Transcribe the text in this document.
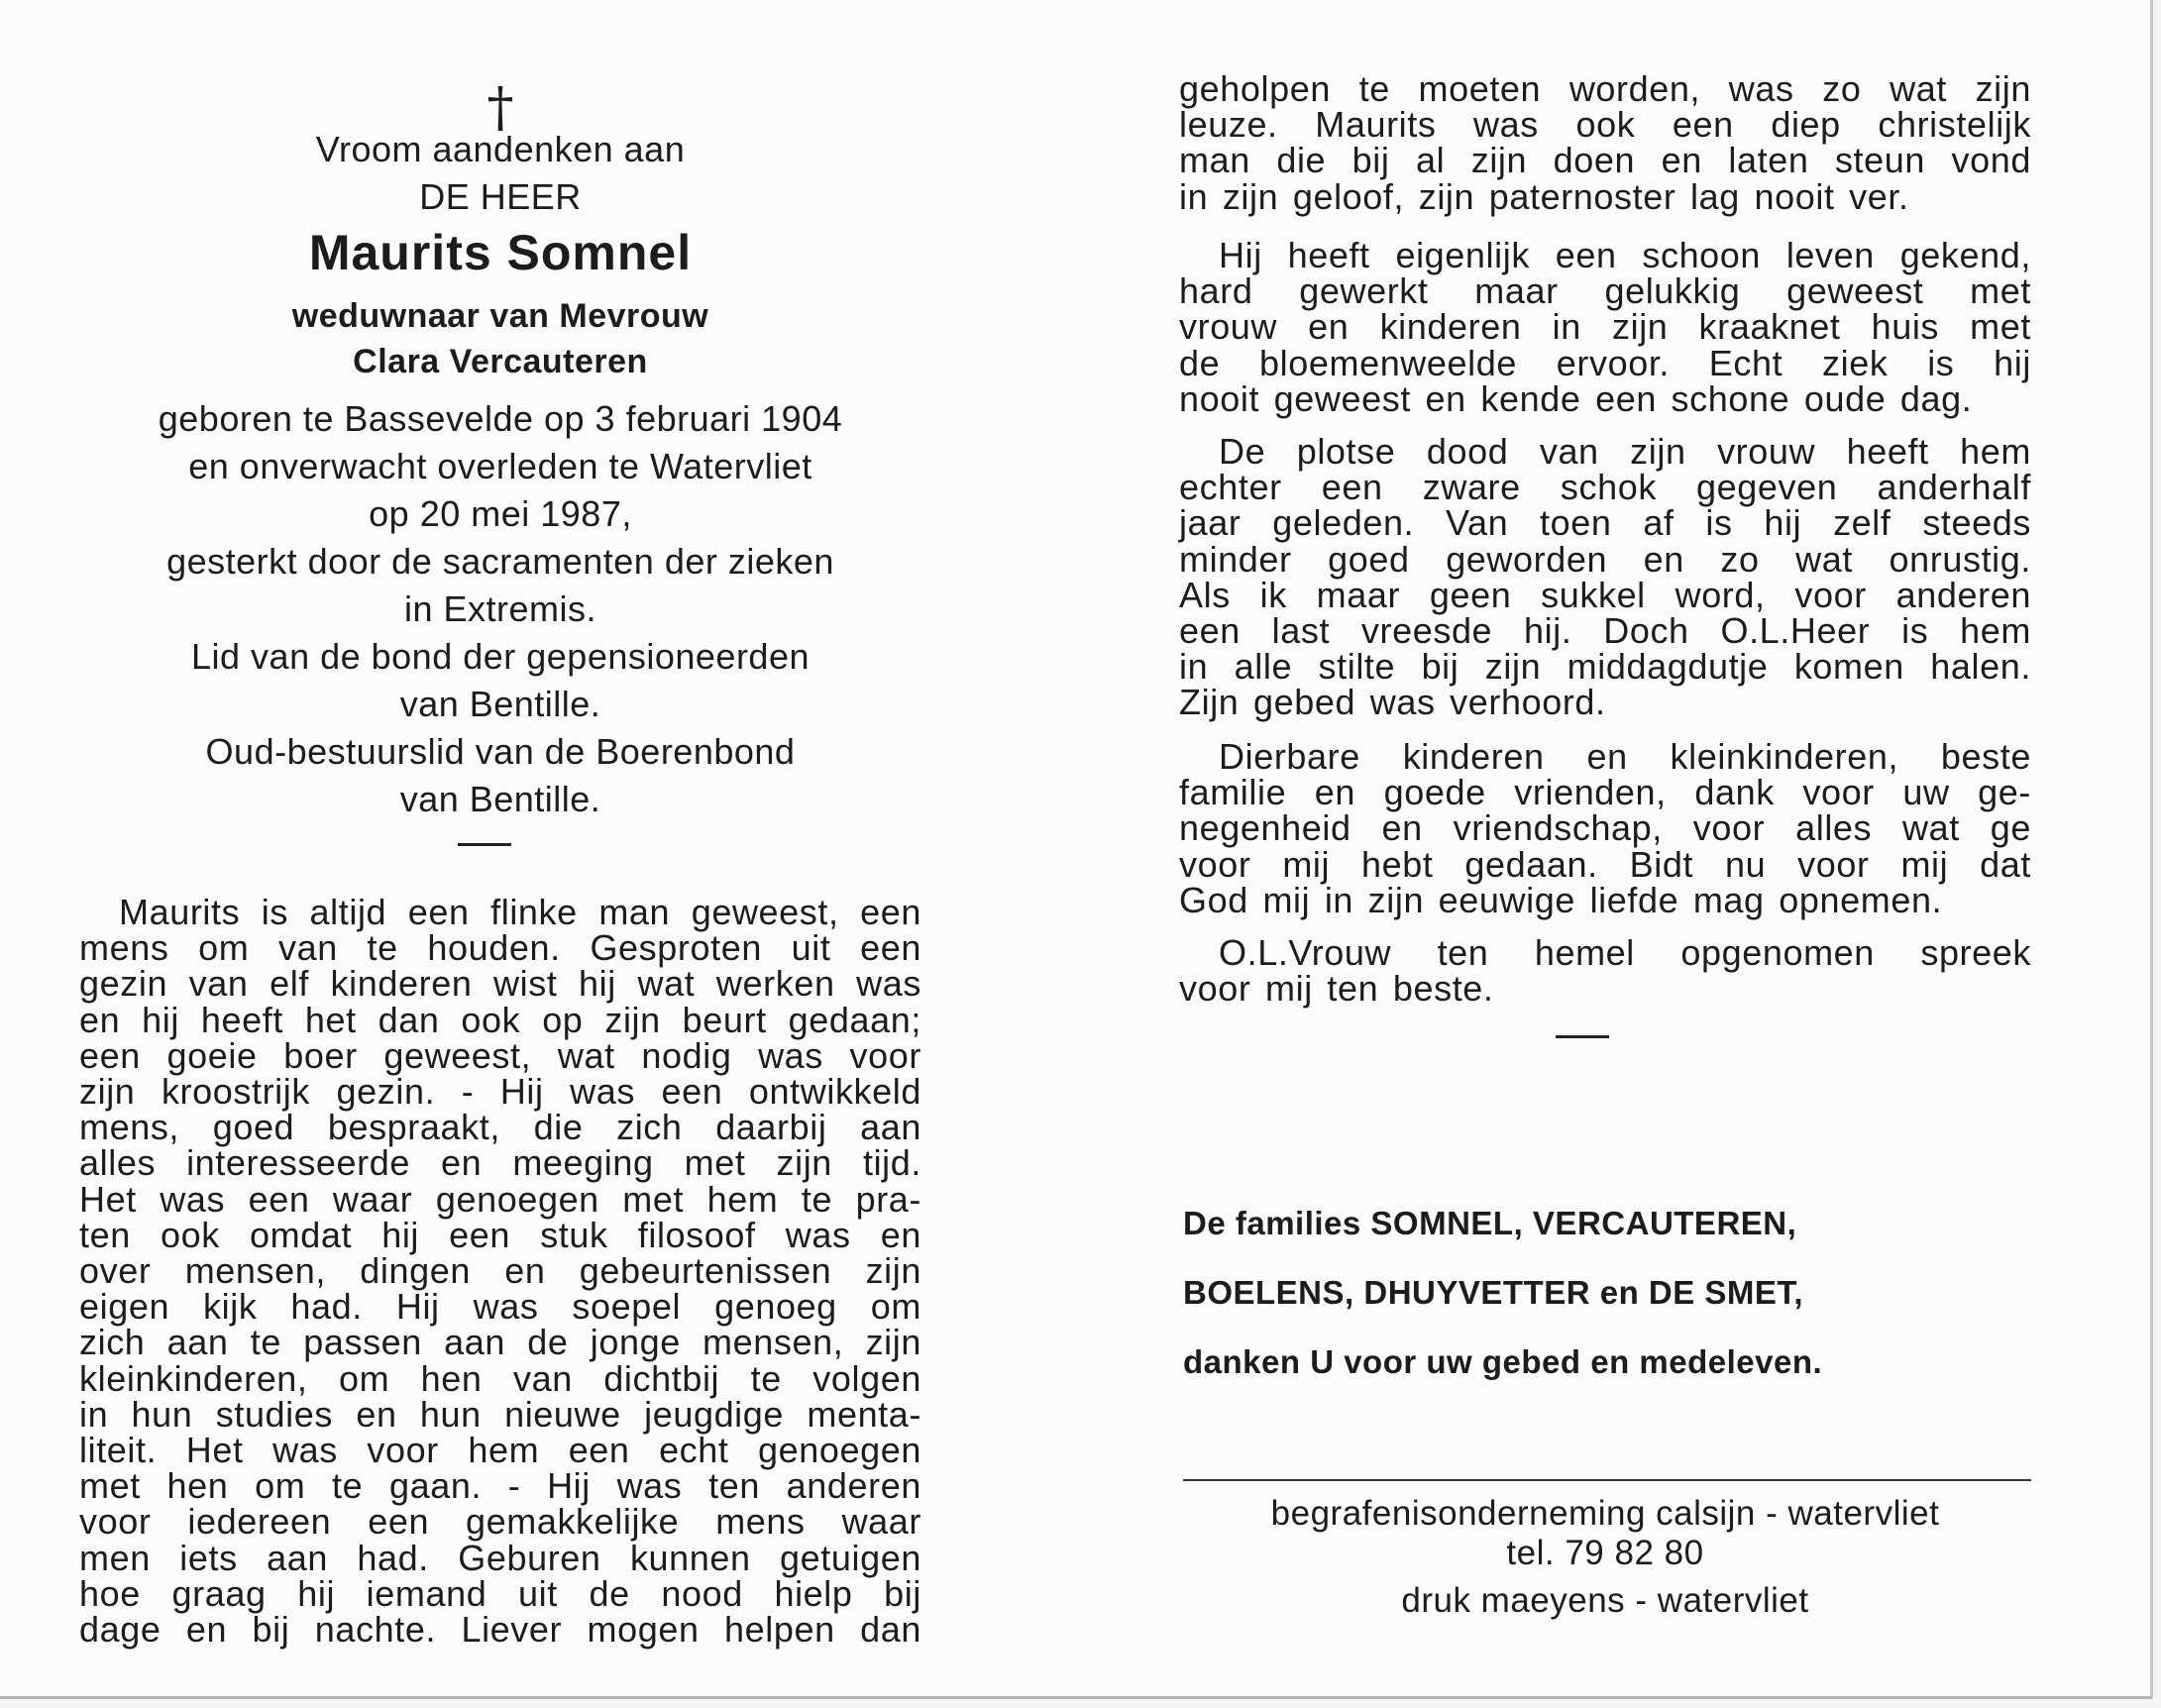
†
Vroom aandenken aan
DE HEER
Maurits Somnel
weduwnaar van Mevrouw
Clara Vercauteren
geboren te Bassevelde op 3 februari 1904
en onverwacht overleden te Watervliet
op 20 mei 1987,
gesterkt door de sacramenten der zieken
in Extremis.
Lid van de bond der gepensioneerden
van Bentille.
Oud-bestuurslid van de Boerenbond
van Bentille.
Maurits is altijd een flinke man geweest, een
mens om van te houden. Gesproten uit een
gezin van elf kinderen wist hij wat werken was
en hij heeft het dan ook op zijn beurt gedaan;
een goeie boer geweest, wat nodig was voor
zijn kroostrijk gezin. - Hij was een ontwikkeld
mens, goed bespraakt, die zich daarbij aan
alles interesseerde en meeging met zijn tijd.
Het was een waar genoegen met hem te pra-
ten ook omdat hij een stuk filosoof was en
over mensen, dingen en gebeurtenissen zijn
eigen kijk had. Hij was soepel genoeg om
zich aan te passen aan de jonge mensen, zijn
kleinkinderen, om hen van dichtbij te volgen
in hun studies en hun nieuwe jeugdige menta-
liteit. Het was voor hem een echt genoegen
met hen om te gaan. - Hij was ten anderen
voor iedereen een gemakkelijke mens waar
men iets aan had. Geburen kunnen getuigen
hoe graag hij iemand uit de nood hielp bij
dage en bij nachte. Liever mogen helpen dan
geholpen te moeten worden, was zo wat zijn
leuze. Maurits was ook een diep christelijk
man die bij al zijn doen en laten steun vond
in zijn geloof, zijn paternoster lag nooit ver.
Hij heeft eigenlijk een schoon leven gekend,
hard gewerkt maar gelukkig geweest met
vrouw en kinderen in zijn kraaknet huis met
de bloemenweelde ervoor. Echt ziek is hij
nooit geweest en kende een schone oude dag.
De plotse dood van zijn vrouw heeft hem
echter een zware schok gegeven anderhalf
jaar geleden. Van toen af is hij zelf steeds
minder goed geworden en zo wat onrustig.
Als ik maar geen sukkel word, voor anderen
een last vreesde hij. Doch O.L.Heer is hem
in alle stilte bij zijn middagdutje komen halen.
Zijn gebed was verhoord.
Dierbare kinderen en kleinkinderen, beste
familie en goede vrienden, dank voor uw ge-
negenheid en vriendschap, voor alles wat ge
voor mij hebt gedaan. Bidt nu voor mij dat
God mij in zijn eeuwige liefde mag opnemen.
O.L.Vrouw ten hemel opgenomen spreek
voor mij ten beste.
De families SOMNEL, VERCAUTEREN,
BOELENS, DHUYVETTER en DE SMET,
danken U voor uw gebed en medeleven.
begrafenisonderneming calsijn - watervliet
tel. 79 82 80
druk maeyens - watervliet
